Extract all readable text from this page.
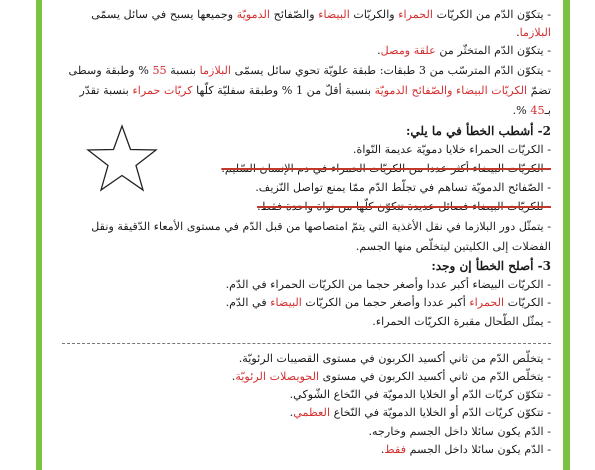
- يتكوّن الدّم من الكريّات الحمراء والكريّات البيضاء والصّفائح الدمويّة وجميعها يسبح في سائل يسمّى
البلازما.
- يتكوّن الدّم المتخثّر من علقة ومصل.
- يتكوّن الدّم المترسّب من 3 طبقات: طبقة علويّة تحوي سائل يسمّى البلازما بنسبة 55 % وطبقة وسطى
تضمّ الكريّات البيضاء والصّفائح الدمويّة بنسبة أقلّ من 1 % وطبقة سفليّة كلّها كريّات حمراء بنسبة تقدّر
بـ45 %.
2- أشطب الخطأ في ما يلي:
- الكريّات الحمراء خلايا دمويّة عديمة النّواة.
- الكريّات البيضاء أكثر عددا من الكريّات الحمراء في دم الإنسان السّليم.
- الصّفائح الدمويّة تساهم في تجلّط الدّم ممّا يمنع تواصل النّزيف.
- للكريّات البيضاء فصائل عديدة تتكوّن كلّها من نواة واحدة فقط.
- يتمثّل دور البلازما في نقل الأغذية التي يتمّ امتصاصها من قبل الدّم في مستوى الأمعاء الدّقيقة ونقل
الفضلات إلى الكليتين ليتخلّص منها الجسم.
3- أصلح الخطأ إن وجد:
- الكريّات البيضاء أكبر عددا وأصغر حجما من الكريّات الحمراء في الدّم.
- الكريّات الحمراء أكبر عددا وأصغر حجما من الكريّات البيضاء في الدّم.
- يمثّل الطّحال مقبرة الكريّات الحمراء.
- يتخلّص الدّم من ثاني أكسيد الكربون في مستوى القصيبات الرئويّة.
- يتخلّص الدّم من ثاني أكسيد الكربون في مستوى الحويصلات الرئويّة.
- تتكوّن كريّات الدّم أو الخلايا الدمويّة في النّخاع الشّوكي.
- تتكوّن كريّات الدّم أو الخلايا الدمويّة في النّخاع العظمي.
- الدّم يكون سائلا داخل الجسم وخارجه.
- الدّم يكون سائلا داخل الجسم فقط.
